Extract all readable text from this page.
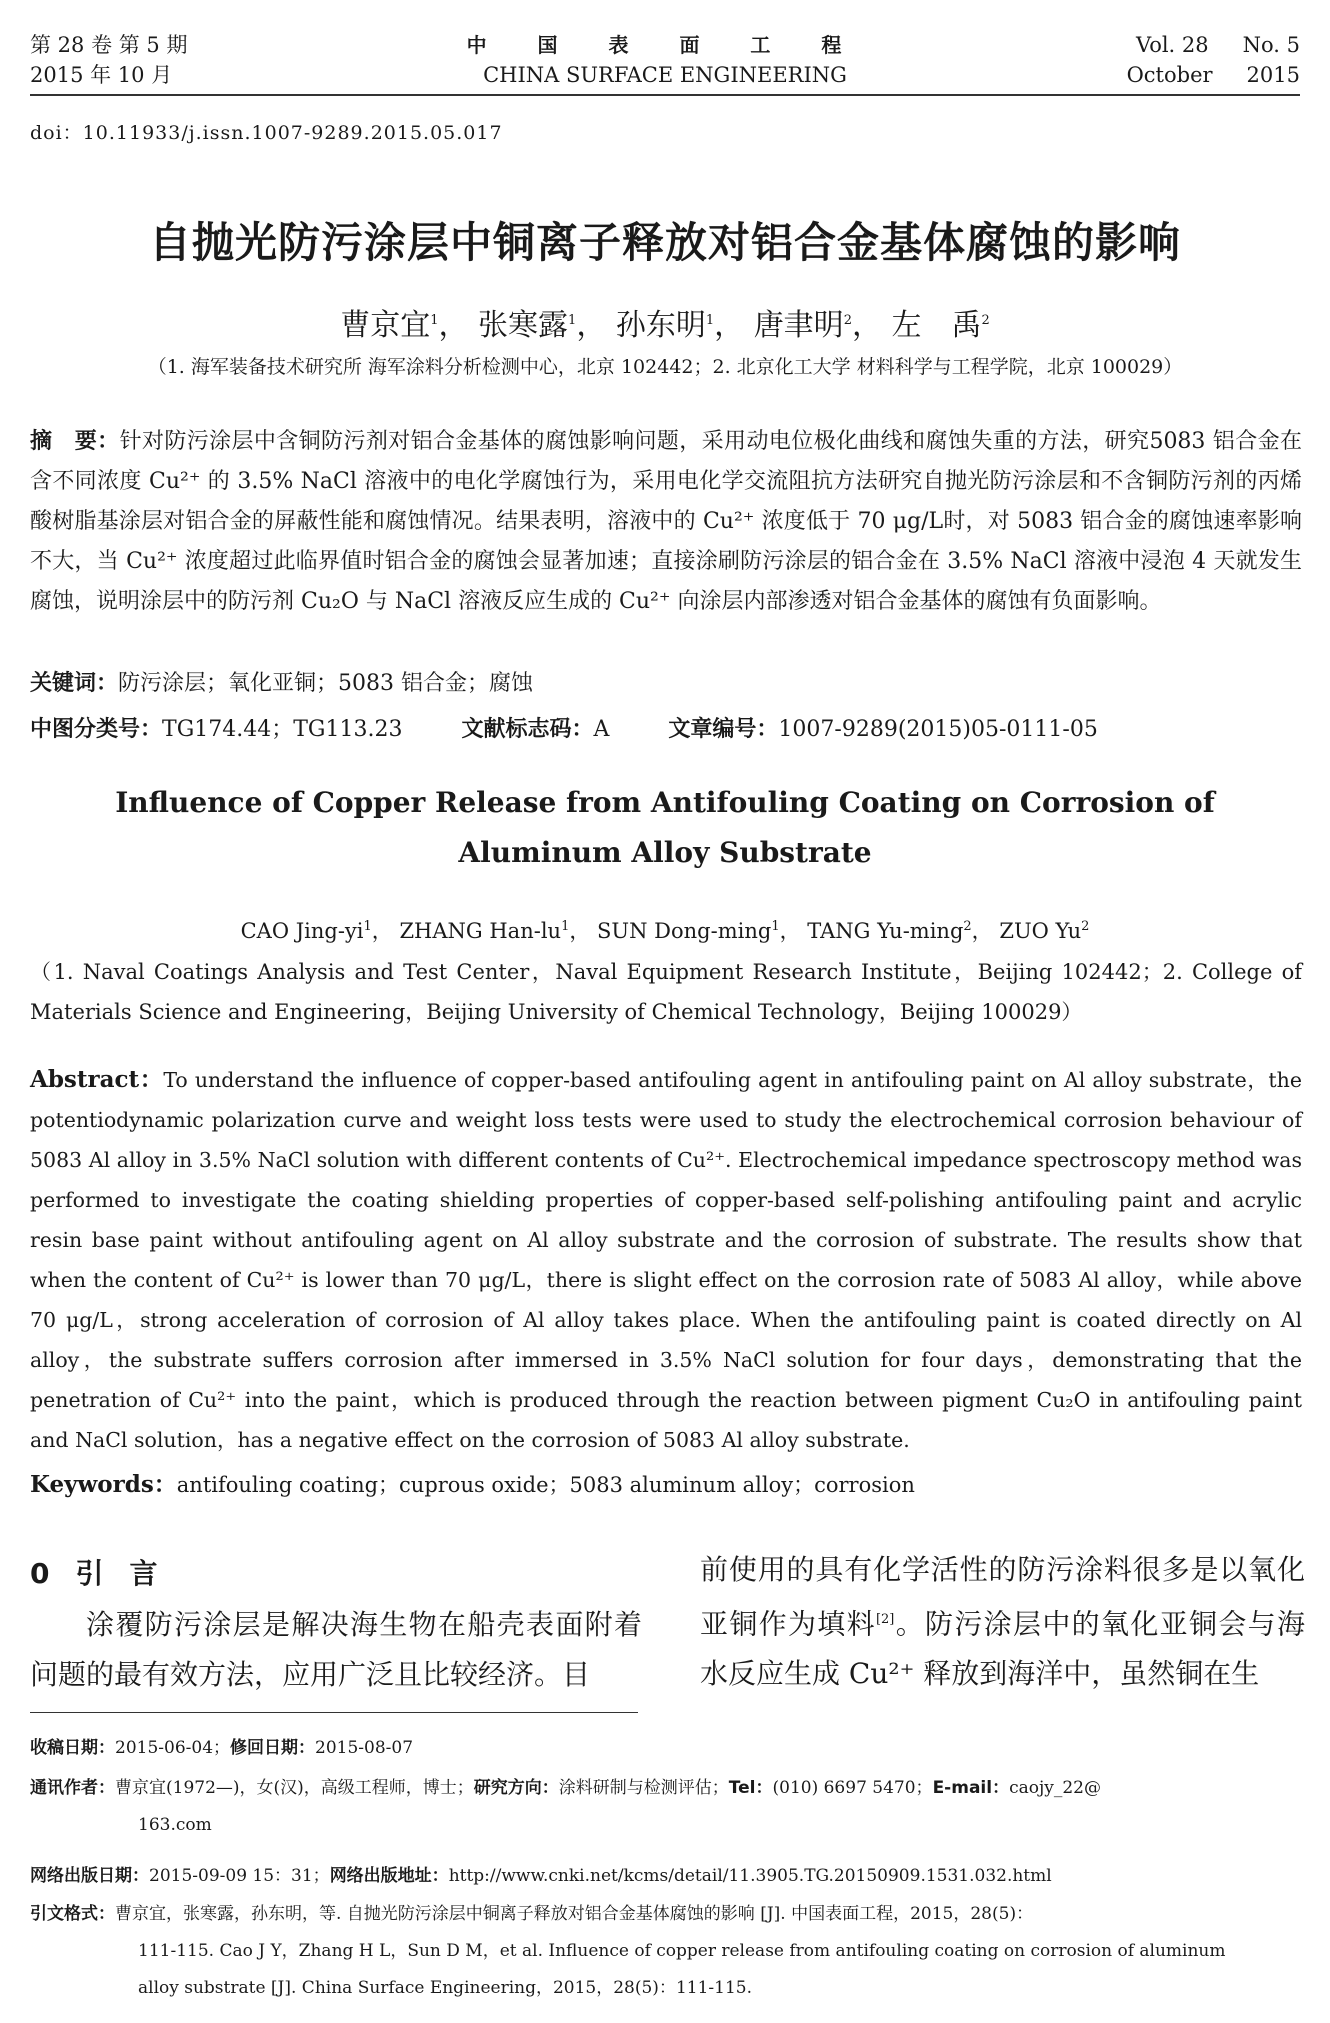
第 28 卷 第 5 期
2015 年 10 月
中 国 表 面 工 程
CHINA SURFACE ENGINEERING
Vol. 28 No. 5
October 2015
doi：10.11933/j.issn.1007-9289.2015.05.017
自抛光防污涂层中铜离子释放对铝合金基体腐蚀的影响
曹京宜$^1$， 张寒露$^1$， 孙东明$^1$， 唐聿明$^2$， 左　禹$^2$
（1. 海军装备技术研究所 海军涂料分析检测中心，北京 102442；2. 北京化工大学 材料科学与工程学院，北京 100029）
摘　要：针对防污涂层中含铜防污剂对铝合金基体的腐蚀影响问题，采用动电位极化曲线和腐蚀失重的方法，研究5083 铝合金在含不同浓度 Cu²⁺ 的 3.5% NaCl 溶液中的电化学腐蚀行为，采用电化学交流阻抗方法研究自抛光防污涂层和不含铜防污剂的丙烯酸树脂基涂层对铝合金的屏蔽性能和腐蚀情况。结果表明，溶液中的 Cu²⁺ 浓度低于 70 μg/L时，对 5083 铝合金的腐蚀速率影响不大，当 Cu²⁺ 浓度超过此临界值时铝合金的腐蚀会显著加速；直接涂刷防污涂层的铝合金在 3.5% NaCl 溶液中浸泡 4 天就发生腐蚀，说明涂层中的防污剂 Cu₂O 与 NaCl 溶液反应生成的 Cu²⁺ 向涂层内部渗透对铝合金基体的腐蚀有负面影响。
关键词：防污涂层；氧化亚铜；5083 铝合金；腐蚀
中图分类号：TG174.44；TG113.23	文献标志码：A	文章编号：1007-9289(2015)05-0111-05
Influence of Copper Release from Antifouling Coating on Corrosion of
Aluminum Alloy Substrate
CAO Jing-$yi^1$， ZHANG Han-$lu^1$， SUN Dong-ming$^1$， TANG Yu-ming$^2$， ZUO Yu$^2$
（1. Naval Coatings Analysis and Test Center，Naval Equipment Research Institute，Beijing 102442；2. College of Materials Science and Engineering，Beijing University of Chemical Technology，Beijing 100029）
Abstract：To understand the influence of copper-based antifouling agent in antifouling paint on Al alloy substrate，the potentiodynamic polarization curve and weight loss tests were used to study the electrochemical corrosion behaviour of 5083 Al alloy in 3.5% NaCl solution with different contents of Cu²⁺. Electrochemical impedance spectroscopy method was performed to investigate the coating shielding properties of copper-based self-polishing antifouling paint and acrylic resin base paint without antifouling agent on Al alloy substrate and the corrosion of substrate. The results show that when the content of Cu²⁺ is lower than 70 μg/L，there is slight effect on the corrosion rate of 5083 Al alloy，while above 70 μg/L，strong acceleration of corrosion of Al alloy takes place. When the antifouling paint is coated directly on Al alloy，the substrate suffers corrosion after immersed in 3.5% NaCl solution for four days，demonstrating that the penetration of Cu²⁺ into the paint，which is produced through the reaction between pigment Cu₂O in antifouling paint and NaCl solution，has a negative effect on the corrosion of 5083 Al alloy substrate.
Keywords：antifouling coating；cuprous oxide；5083 aluminum alloy；corrosion
0 引言

涂覆防污涂层是解决海生物在船壳表面附着问题的最有效方法，应用广泛且比较经济。目

前使用的具有化学活性的防污涂料很多是以氧化亚铜作为填料[2]。防污涂层中的氧化亚铜会与海水反应生成 Cu²⁺ 释放到海洋中，虽然铜在生
收稿日期：2015-06-04；修回日期：2015-08-07
通讯作者：曹京宜(1972—)，女(汉)，高级工程师，博士；研究方向：涂料研制与检测评估；Tel：(010) 6697 5470；E-mail：caojy_22@
163.com
网络出版日期：2015-09-09 15：31；网络出版地址：http://www.cnki.net/kcms/detail/11.3905.TG.20150909.1531.032.html
引文格式：曹京宜，张寒露，孙东明，等. 自抛光防污涂层中铜离子释放对铝合金基体腐蚀的影响 [J]. 中国表面工程，2015，28(5)：
111-115. Cao J Y，Zhang H L，Sun D M，et al. Influence of copper release from antifouling coating on corrosion of aluminum
alloy substrate [J]. China Surface Engineering，2015，28(5)：111-115.
